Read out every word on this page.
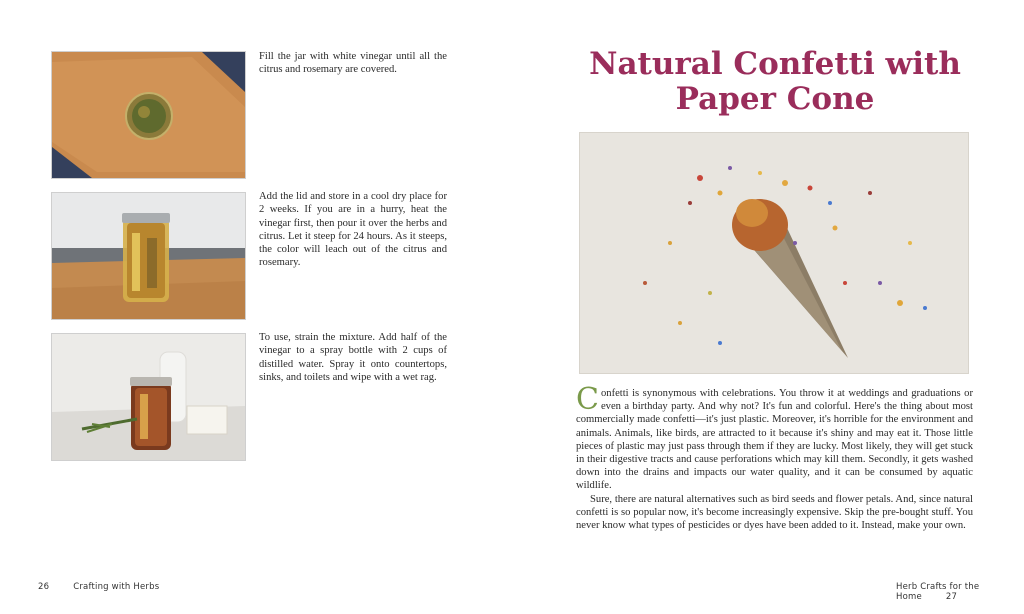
Fill the jar with white vinegar until all the citrus and rosemary are covered.

Add the lid and store in a cool dry place for 2 weeks. If you are in a hurry, heat the vinegar first, then pour it over the herbs and citrus. Let it steep for 24 hours. As it steeps, the color will leach out of the citrus and rosemary.

To use, strain the mixture. Add half of the vinegar to a spray bottle with 2 cups of distilled water. Spray it onto countertops, sinks, and toilets and wipe with a wet rag.

26	Crafting with Herbs
Natural Confetti with Paper Cone

Confetti is synonymous with celebrations. You throw it at weddings and graduations or even a birthday party. And why not? It's fun and colorful. Here's the thing about most commercially made confetti—it's just plastic. Moreover, it's horrible for the environment and animals. Animals, like birds, are attracted to it because it's shiny and may eat it. Those little pieces of plastic may just pass through them if they are lucky. Most likely, they will get stuck in their digestive tracts and cause perforations which may kill them. Secondly, it gets washed down into the drains and impacts our water quality, and it can be consumed by aquatic wildlife.

Sure, there are natural alternatives such as bird seeds and flower petals. And, since natural confetti is so popular now, it's become increasingly expensive. Skip the pre-bought stuff. You never know what types of pesticides or dyes have been added to it. Instead, make your own.

Herb Crafts for the Home	27
